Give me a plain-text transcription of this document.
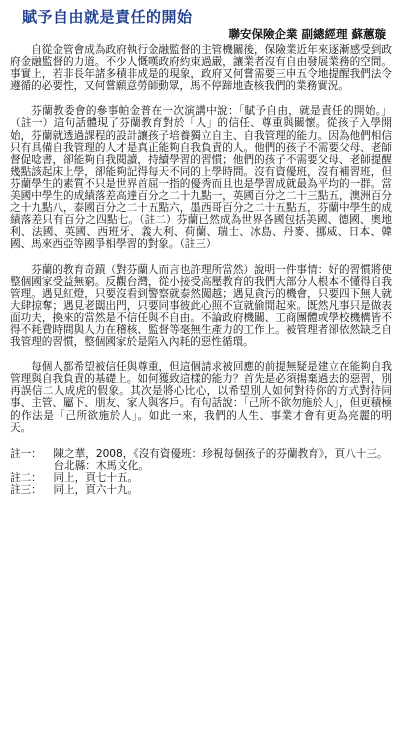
賦予自由就是責任的開始
聯安保險企業 副總經理 蘇蕙璇

自從金管會成為政府執行金融監督的主管機關後，保險業近年來逐漸感受到政府金融監督的力道。不少人慨嘆政府約束過嚴，讓業者沒有自由發展業務的空間。事實上，若非長年諸多積非成是的現象，政府又何嘗需要三申五令地提醒我們法令遵循的必要性，又何嘗願意勞師動眾，馬不停蹄地查核我們的業務實況。

芬蘭教委會的參事帕金普在一次演講中說：「賦予自由，就是責任的開始。」（註一）這句話體現了芬蘭教育對於「人」的信任、尊重與關懷。從孩子入學開始，芬蘭就透過課程的設計讓孩子培養獨立自主、自我管理的能力。因為他們相信只有具備自我管理的人才是真正能夠自我負責的人。他們的孩子不需要父母、老師督促唸書，卻能夠自我閱讀，持續學習的習慣；他們的孩子不需要父母、老師提醒幾點該起床上學，卻能夠記得每天不同的上學時間。沒有資優班，沒有補習班，但芬蘭學生的素質不只是世界首屈一指的優秀而且也是學習成就最為平均的一群。當美國中學生的成績落差高達百分之二十九點一，英國百分之二十三點五，澳洲百分之十九點八，泰國百分之二十五點六，墨西哥百分之二十五點五，芬蘭中學生的成績落差只有百分之四點七。（註二）芬蘭已然成為世界各國包括美國、德國、奧地利、法國、英國、西班牙、義大利、荷蘭、瑞士、冰島、丹麥、挪威、日本、韓國、馬來西亞等國爭相學習的對象。（註三）

芬蘭的教育奇蹟（對芬蘭人而言也許理所當然）說明一件事情：好的習慣將使整個國家受益無窮。反觀台灣，從小接受高壓教育的我們大部分人根本不懂得自我管理。遇見紅燈，只要沒看到警察就泰然闖越；遇見貪污的機會，只要四下無人就大肆掠奪；遇見老闆出門，只要同事彼此心照不宣就偷閒起來。既然凡事只是做表面功夫，換來的當然是不信任與不自由。不論政府機關、工商團體或學校機構皆不得不耗費時間與人力在稽核、監督等毫無生產力的工作上。被管理者卻依然缺乏自我管理的習慣，整個國家於是陷入內耗的惡性循環。

每個人都希望被信任與尊重，但這個請求被回應的前提無疑是建立在能夠自我管理與自我負責的基礎上。如何獲致這樣的能力？首先是必須揚棄過去的惡習，別再誤信二人成虎的假象。其次是將心比心，以希望別人如何對待你的方式對待同事、主管、屬下、朋友、家人與客戶。有句話說：「己所不欲勿施於人」，但更積極的作法是「己所欲施於人」。如此一來，我們的人生、事業才會有更為亮麗的明天。

註一： 陳之華，2008，《沒有資優班：珍視每個孩子的芬蘭教育》，頁八十三。台北縣：木馬文化。

註二： 同上，頁七十五。

註三： 同上，頁六十九。
